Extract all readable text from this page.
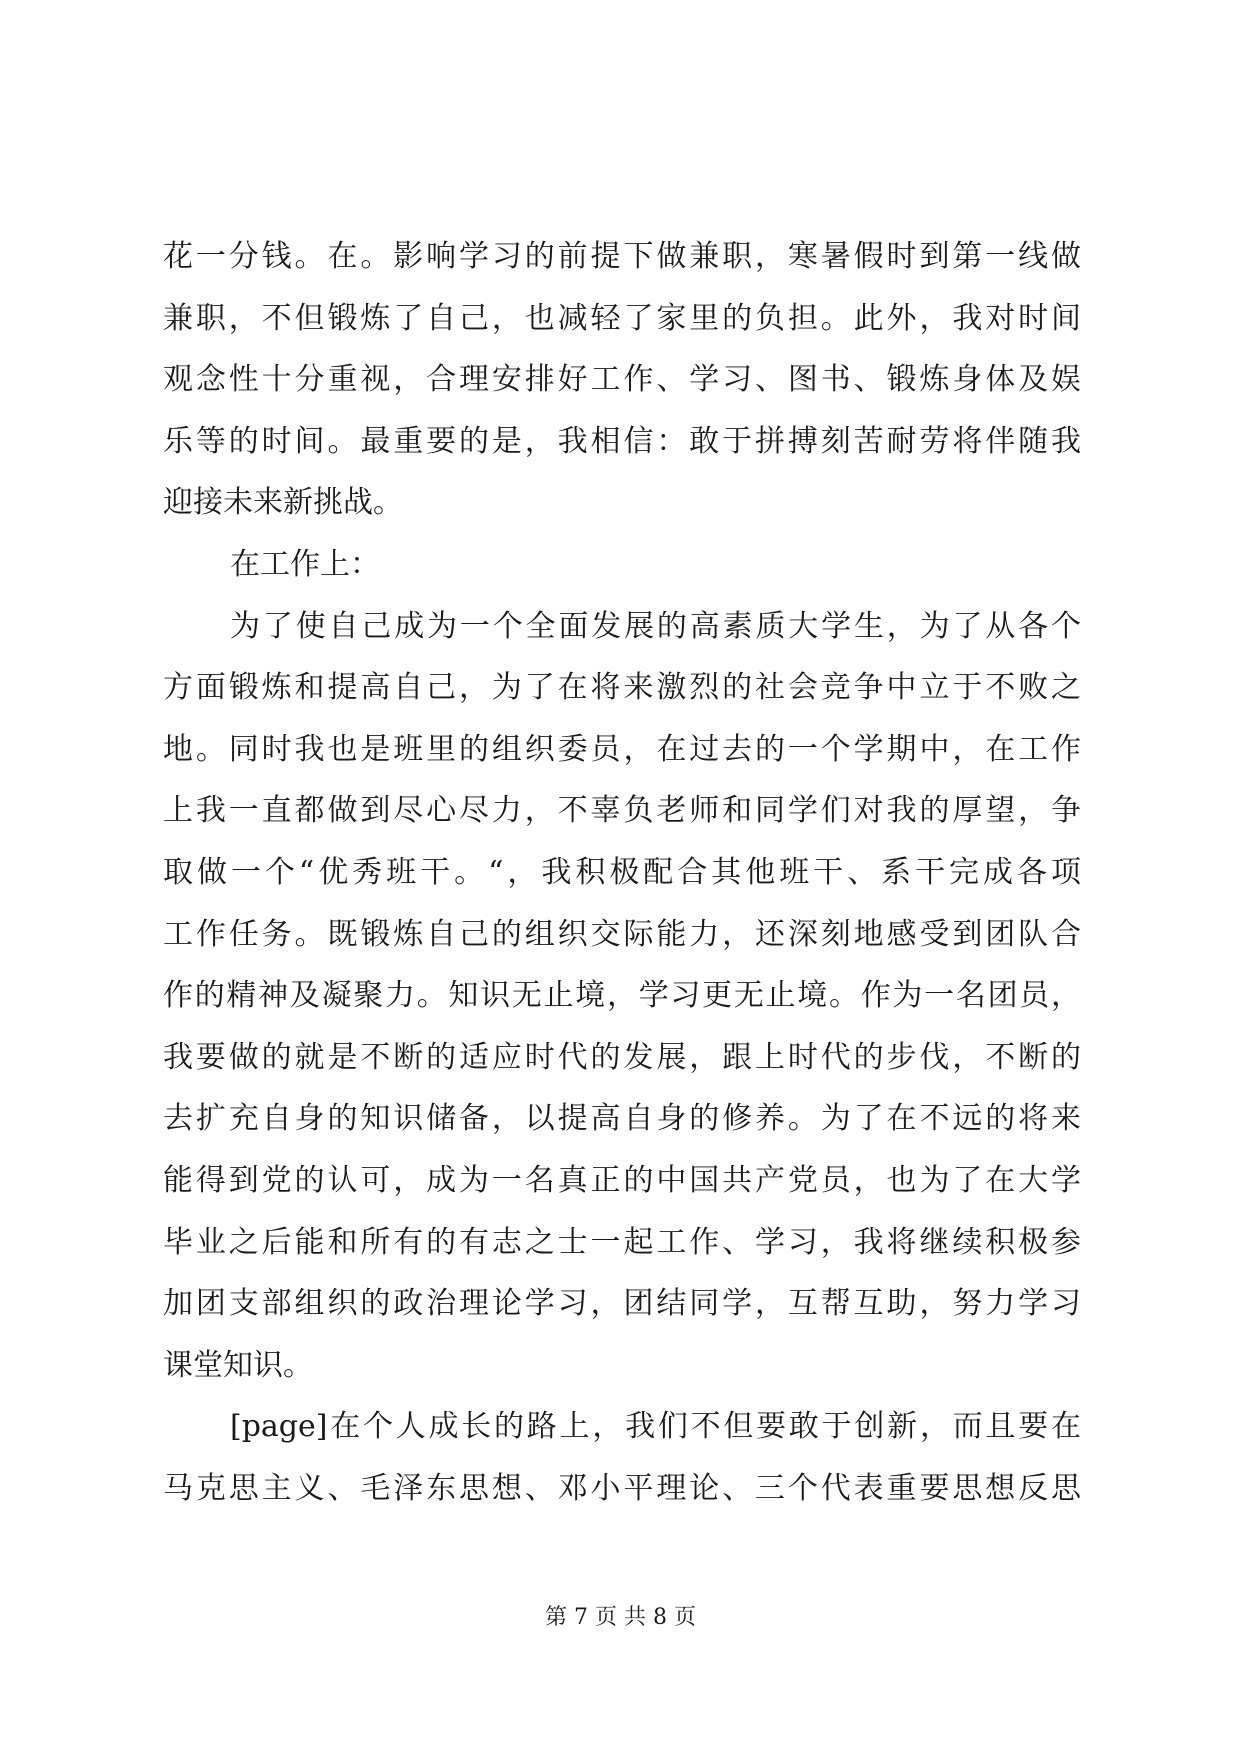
花一分钱。在。影响学习的前提下做兼职，寒暑假时到第一线做
兼职，不但锻炼了自己，也减轻了家里的负担。此外，我对时间
观念性十分重视，合理安排好工作、学习、图书、锻炼身体及娱
乐等的时间。最重要的是，我相信：敢于拼搏刻苦耐劳将伴随我
迎接未来新挑战。
在工作上：
为了使自己成为一个全面发展的高素质大学生，为了从各个
方面锻炼和提高自己，为了在将来激烈的社会竞争中立于不败之
地。同时我也是班里的组织委员，在过去的一个学期中，在工作
上我一直都做到尽心尽力，不辜负老师和同学们对我的厚望，争
取做一个“优秀班干。“，我积极配合其他班干、系干完成各项
工作任务。既锻炼自己的组织交际能力，还深刻地感受到团队合
作的精神及凝聚力。知识无止境，学习更无止境。作为一名团员，
我要做的就是不断的适应时代的发展，跟上时代的步伐，不断的
去扩充自身的知识储备，以提高自身的修养。为了在不远的将来
能得到党的认可，成为一名真正的中国共产党员，也为了在大学
毕业之后能和所有的有志之士一起工作、学习，我将继续积极参
加团支部组织的政治理论学习，团结同学，互帮互助，努力学习
课堂知识。
[page]在个人成长的路上，我们不但要敢于创新，而且要在
马克思主义、毛泽东思想、邓小平理论、三个代表重要思想反思
第 7 页 共 8 页
